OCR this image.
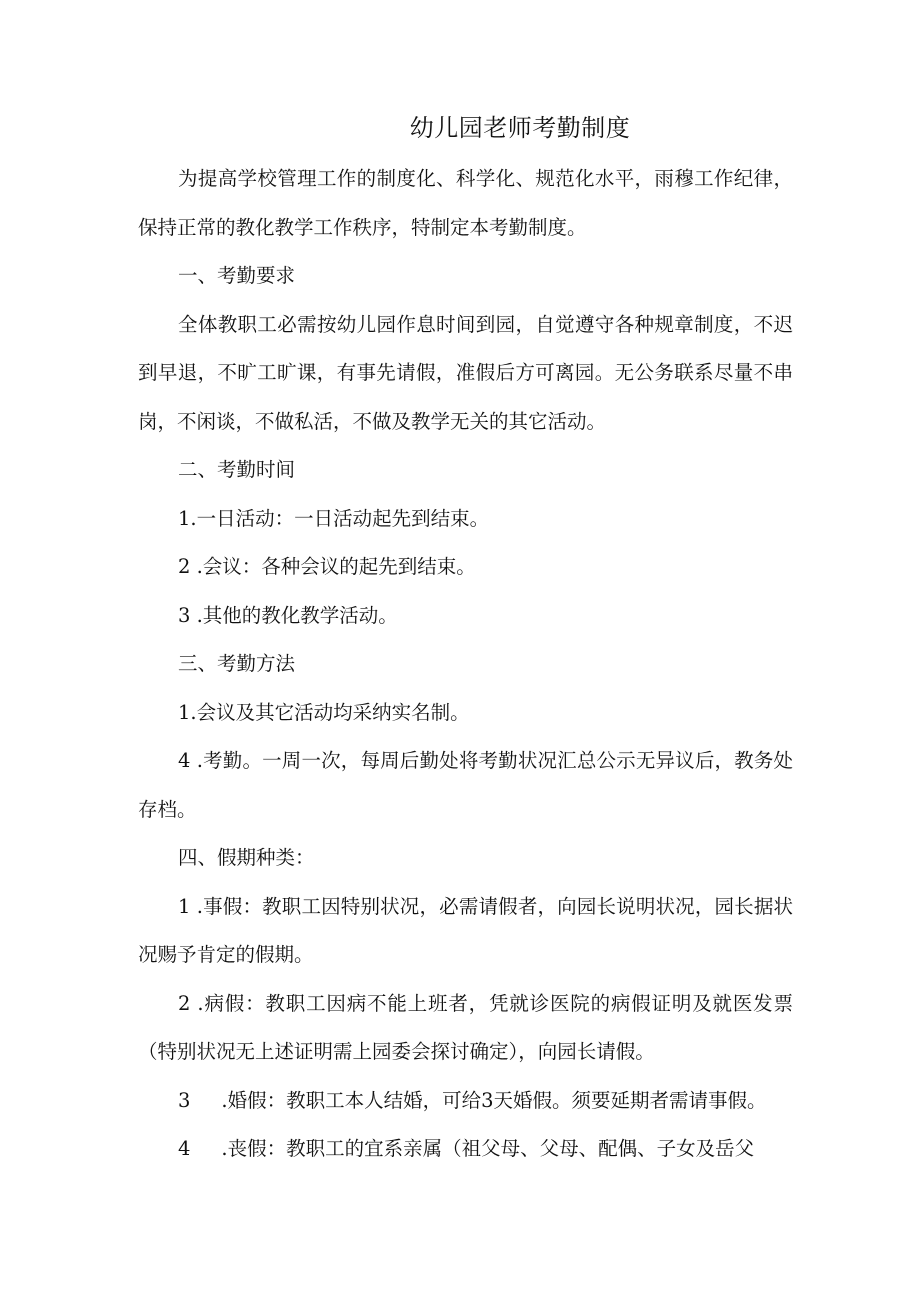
幼儿园老师考勤制度

为提高学校管理工作的制度化、科学化、规范化水平，雨穆工作纪律，保持正常的教化教学工作秩序，特制定本考勤制度。

一、考勤要求

全体教职工必需按幼儿园作息时间到园，自觉遵守各种规章制度，不迟到早退，不旷工旷课，有事先请假，准假后方可离园。无公务联系尽量不串岗，不闲谈，不做私活，不做及教学无关的其它活动。

二、考勤时间

1.一日活动：一日活动起先到结束。

2 .会议：各种会议的起先到结束。

3 .其他的教化教学活动。

三、考勤方法

1.会议及其它活动均采纳实名制。

4 .考勤。一周一次，每周后勤处将考勤状况汇总公示无异议后，教务处存档。

四、假期种类：

1 .事假：教职工因特别状况，必需请假者，向园长说明状况，园长据状况赐予肯定的假期。

2 .病假：教职工因病不能上班者，凭就诊医院的病假证明及就医发票（特别状况无上述证明需上园委会探讨确定），向园长请假。

3     .婚假：教职工本人结婚，可给3天婚假。须要延期者需请事假。

4     .丧假：教职工的宜系亲属（祖父母、父母、配偶、子女及岳父
